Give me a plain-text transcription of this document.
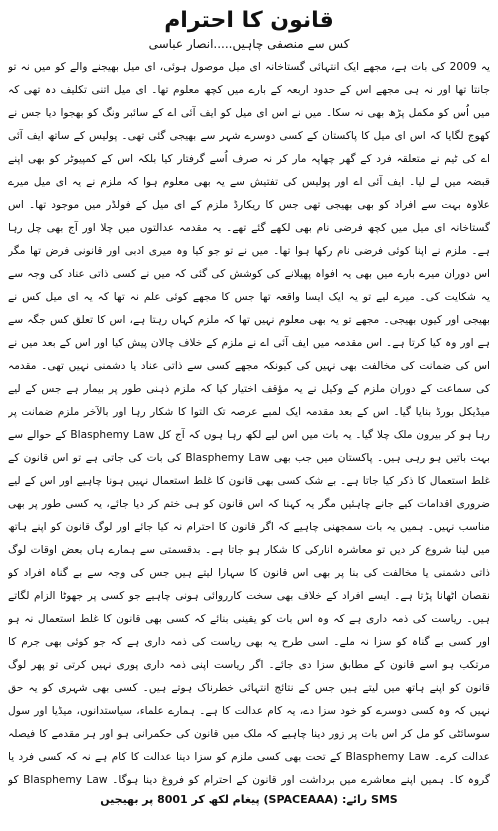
قانون کا احترام
کس سے منصفی چاہیں.....انصار عباسی

یہ 2009 کی بات ہے، مجھے ایک انتہائی گستاخانہ ای میل موصول ہوئی، ای میل بھیجنے والے کو میں نہ تو جانتا تھا اور نہ ہی مجھے اس کے حدود اربعہ کے بارے میں کچھ معلوم تھا۔ ای میل اتنی تکلیف دہ تھی کہ میں اُس کو مکمل پڑھ بھی نہ سکا۔ میں نے اس ای میل کو ایف آئی اے کے سائبر ونگ کو بھجوا دیا جس نے کھوج لگایا کہ اس ای میل کا پاکستان کے کسی دوسرے شہر سے بھیجی گئی تھی۔ پولیس کے ساتھ ایف آئی اے کی ٹیم نے متعلقہ فرد کے گھر چھاپہ مار کر نہ صرف اُسے گرفتار کیا بلکہ اس کے کمپیوٹر کو بھی اپنے قبضہ میں لے لیا۔ ایف آئی اے اور پولیس کی تفتیش سے یہ بھی معلوم ہوا کہ ملزم نے یہ ای میل میرے علاوہ بہت سے افراد کو بھی بھیجی تھی جس کا ریکارڈ ملزم کے ای میل کے فولڈر میں موجود تھا۔ اس گستاخانہ ای میل میں کچھ فرضی نام بھی لکھے گئے تھے۔ یہ مقدمہ عدالتوں میں چلا اور آج بھی چل رہا ہے۔ ملزم نے اپنا کوئی فرضی نام رکھا ہوا تھا۔ میں نے تو جو کیا وہ میری ادبی اور قانونی فرض تھا مگر اس دوران میرے بارے میں بھی یہ افواہ پھیلانے کی کوشش کی گئی کہ میں نے کسی ذاتی عناد کی وجہ سے یہ شکایت کی۔ میرے لیے تو یہ ایک ایسا واقعہ تھا جس کا مجھے کوئی علم نہ تھا کہ یہ ای میل کس نے بھیجی اور کیوں بھیجی۔ مجھے تو یہ بھی معلوم نہیں تھا کہ ملزم کہاں رہتا ہے، اس کا تعلق کس جگہ سے ہے اور وہ کیا کرتا ہے۔ اس مقدمہ میں ایف آئی اے نے ملزم کے خلاف چالان پیش کیا اور اس کے بعد میں نے اس کی ضمانت کی مخالفت بھی نہیں کی کیونکہ مجھے کسی سے ذاتی عناد یا دشمنی نہیں تھی۔ مقدمہ کی سماعت کے دوران ملزم کے وکیل نے یہ مؤقف اختیار کیا کہ ملزم ذہنی طور پر بیمار ہے جس کے لیے میڈیکل بورڈ بنایا گیا۔ اس کے بعد مقدمہ ایک لمبے عرصہ تک التوا کا شکار رہا اور بالآخر ملزم ضمانت پر رہا ہو کر بیرون ملک چلا گیا۔ یہ بات میں اس لیے لکھ رہا ہوں کہ آج کل Blasphemy Law کے حوالے سے بہت باتیں ہو رہی ہیں۔ پاکستان میں جب بھی Blasphemy Law کی بات کی جاتی ہے تو اس قانون کے غلط استعمال کا ذکر کیا جاتا ہے۔ بے شک کسی بھی قانون کا غلط استعمال نہیں ہونا چاہیے اور اس کے لیے ضروری اقدامات کیے جانے چاہئیں مگر یہ کہنا کہ اس قانون کو ہی ختم کر دیا جائے، یہ کسی طور پر بھی مناسب نہیں۔ ہمیں یہ بات سمجھنی چاہیے کہ اگر قانون کا احترام نہ کیا جائے اور لوگ قانون کو اپنے ہاتھ میں لینا شروع کر دیں تو معاشرہ انارکی کا شکار ہو جاتا ہے۔ بدقسمتی سے ہمارے ہاں بعض اوقات لوگ ذاتی دشمنی یا مخالفت کی بنا پر بھی اس قانون کا سہارا لیتے ہیں جس کی وجہ سے بے گناہ افراد کو نقصان اٹھانا پڑتا ہے۔ ایسے افراد کے خلاف بھی سخت کارروائی ہونی چاہیے جو کسی پر جھوٹا الزام لگاتے ہیں۔ ریاست کی ذمہ داری ہے کہ وہ اس بات کو یقینی بنائے کہ کسی بھی قانون کا غلط استعمال نہ ہو اور کسی بے گناہ کو سزا نہ ملے۔ اسی طرح یہ بھی ریاست کی ذمہ داری ہے کہ جو کوئی بھی جرم کا مرتکب ہو اسے قانون کے مطابق سزا دی جائے۔ اگر ریاست اپنی ذمہ داری پوری نہیں کرتی تو پھر لوگ قانون کو اپنے ہاتھ میں لیتے ہیں جس کے نتائج انتہائی خطرناک ہوتے ہیں۔ کسی بھی شہری کو یہ حق نہیں کہ وہ کسی دوسرے کو خود سزا دے، یہ کام عدالت کا ہے۔ ہمارے علماء، سیاستدانوں، میڈیا اور سول سوسائٹی کو مل کر اس بات پر زور دینا چاہیے کہ ملک میں قانون کی حکمرانی ہو اور ہر مقدمے کا فیصلہ عدالت کرے۔ Blasphemy Law کے تحت بھی کسی ملزم کو سزا دینا عدالت کا کام ہے نہ کہ کسی فرد یا گروہ کا۔ ہمیں اپنے معاشرے میں برداشت اور قانون کے احترام کو فروغ دینا ہوگا۔ Blasphemy Law کو

SMS رائے: (SPACEAAA) پیغام لکھ کر 8001 پر بھیجیں
